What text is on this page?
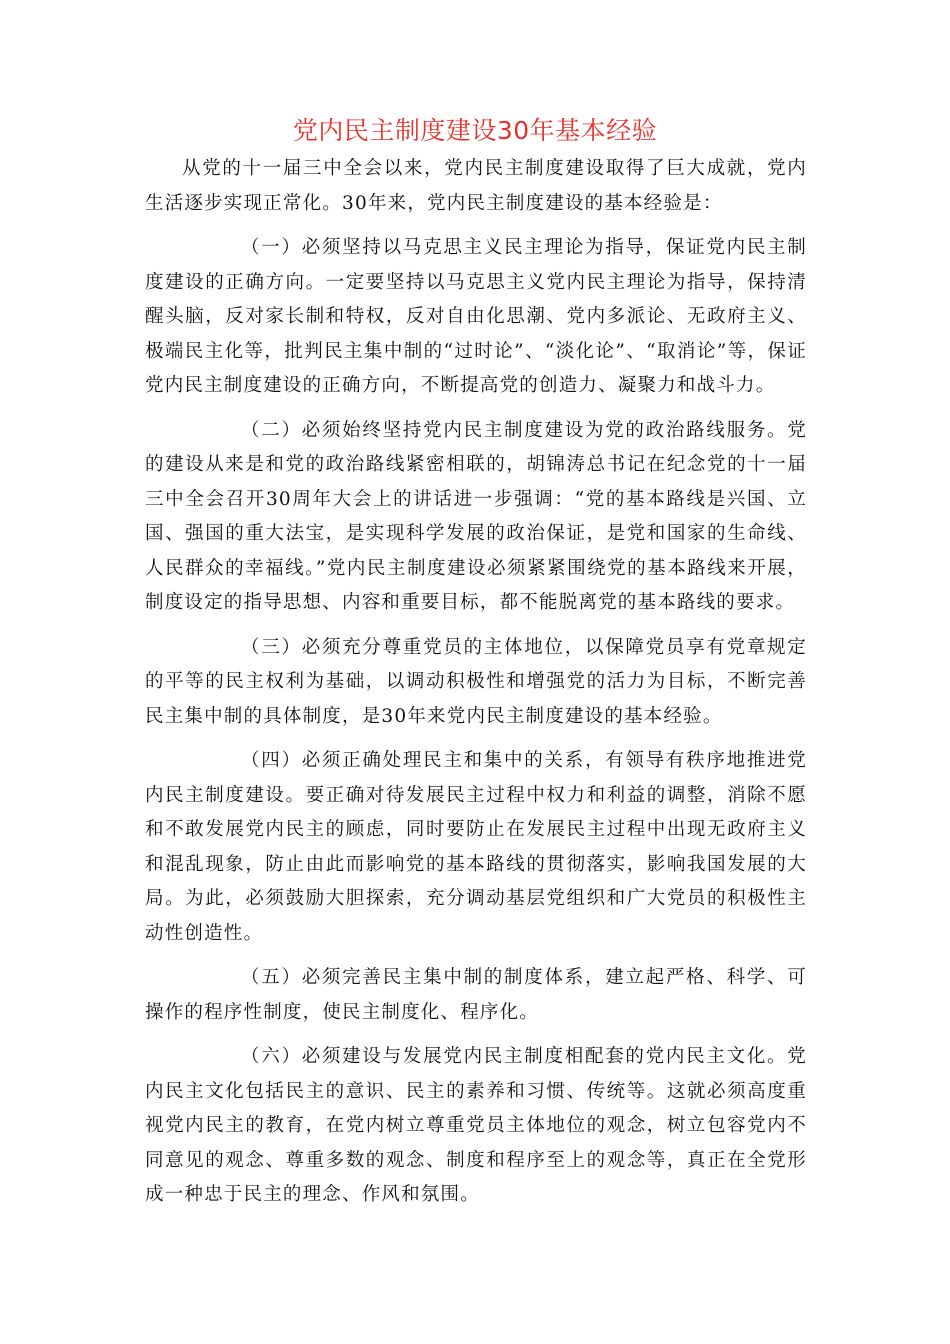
党内民主制度建设30年基本经验

从党的十一届三中全会以来，党内民主制度建设取得了巨大成就，党内生活逐步实现正常化。30年来，党内民主制度建设的基本经验是：

（一）必须坚持以马克思主义民主理论为指导，保证党内民主制度建设的正确方向。一定要坚持以马克思主义党内民主理论为指导，保持清醒头脑，反对家长制和特权，反对自由化思潮、党内多派论、无政府主义、极端民主化等，批判民主集中制的“过时论”、“淡化论”、“取消论”等，保证党内民主制度建设的正确方向，不断提高党的创造力、凝聚力和战斗力。

（二）必须始终坚持党内民主制度建设为党的政治路线服务。党的建设从来是和党的政治路线紧密相联的，胡锦涛总书记在纪念党的十一届三中全会召开30周年大会上的讲话进一步强调：“党的基本路线是兴国、立国、强国的重大法宝，是实现科学发展的政治保证，是党和国家的生命线、人民群众的幸福线。”党内民主制度建设必须紧紧围绕党的基本路线来开展，制度设定的指导思想、内容和重要目标，都不能脱离党的基本路线的要求。

（三）必须充分尊重党员的主体地位，以保障党员享有党章规定的平等的民主权利为基础，以调动积极性和增强党的活力为目标，不断完善民主集中制的具体制度，是30年来党内民主制度建设的基本经验。

（四）必须正确处理民主和集中的关系，有领导有秩序地推进党内民主制度建设。要正确对待发展民主过程中权力和利益的调整，消除不愿和不敢发展党内民主的顾虑，同时要防止在发展民主过程中出现无政府主义和混乱现象，防止由此而影响党的基本路线的贯彻落实，影响我国发展的大局。为此，必须鼓励大胆探索，充分调动基层党组织和广大党员的积极性主动性创造性。

（五）必须完善民主集中制的制度体系，建立起严格、科学、可操作的程序性制度，使民主制度化、程序化。

（六）必须建设与发展党内民主制度相配套的党内民主文化。党内民主文化包括民主的意识、民主的素养和习惯、传统等。这就必须高度重视党内民主的教育，在党内树立尊重党员主体地位的观念，树立包容党内不同意见的观念、尊重多数的观念、制度和程序至上的观念等，真正在全党形成一种忠于民主的理念、作风和氛围。
